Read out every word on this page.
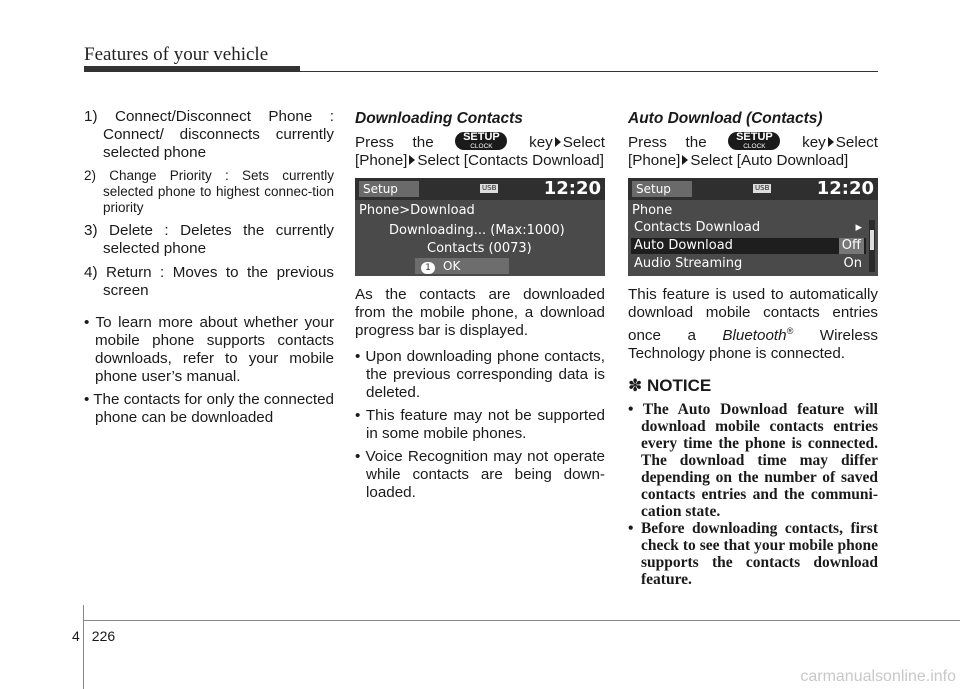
Features of your vehicle
1) Connect/Disconnect Phone : Connect/ disconnects currently selected phone
2) Change Priority : Sets currently selected phone to highest connec-tion priority
3) Delete : Deletes the currently selected phone
4) Return : Moves to the previous screen
• To learn more about whether your mobile phone supports contacts downloads, refer to your mobile phone user’s manual.
• The contacts for only the connected phone can be downloaded
Downloading Contacts
Press the	SETUP
CLOCK	key Select [Phone] Select [Contacts Download]
Setup	USB	12:20
Phone>Download
Downloading... (Max:1000)
Contacts (0073)
1 OK
As the contacts are downloaded from the mobile phone, a download progress bar is displayed.
• Upon downloading phone contacts, the previous corresponding data is deleted.
• This feature may not be supported in some mobile phones.
• Voice Recognition may not operate while contacts are being down-loaded.
Auto Download (Contacts)
Press the	SETUP
CLOCK	key Select [Phone] Select [Auto Download]
Setup	USB	12:20
Phone
Contacts Download	▸
Auto Download	Off
Audio Streaming	On
This feature is used to automatically download mobile contacts entries once a Bluetooth® Wireless Technology phone is connected.
✽ NOTICE
• The Auto Download feature will download mobile contacts entries every time the phone is connected. The download time may differ depending on the number of saved contacts entries and the communi-cation state.
• Before downloading contacts, first check to see that your mobile phone supports the contacts download feature.
4 226
carmanualsonline.info
